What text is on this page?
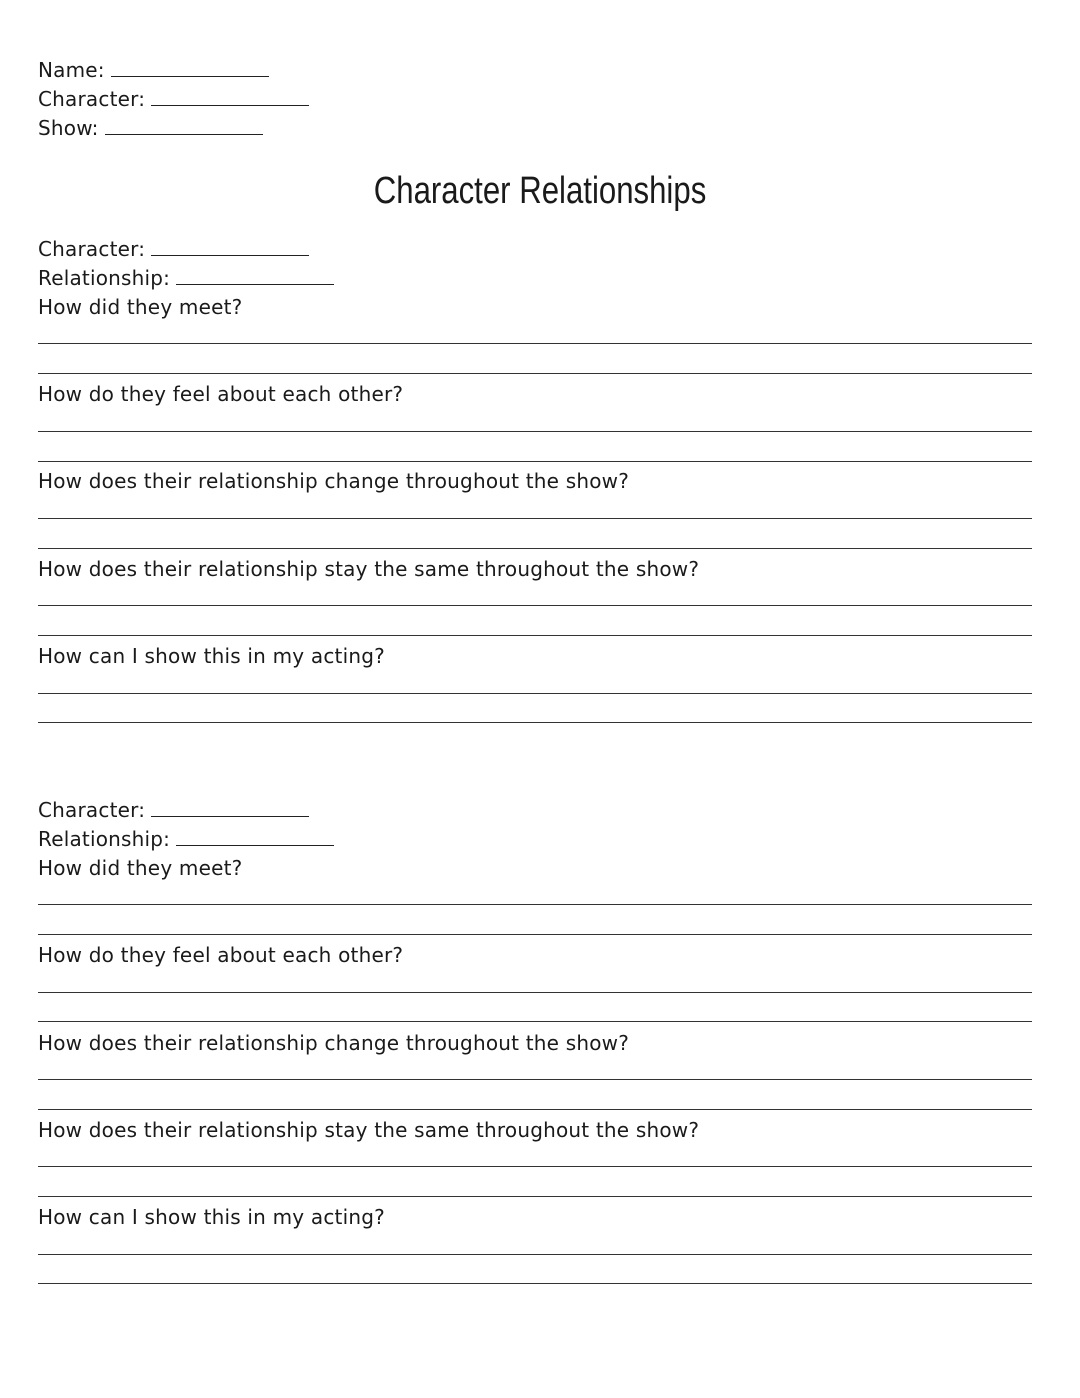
Name:
Character:
Show:
Character Relationships
Character:
Relationship:
How did they meet?
How do they feel about each other?
How does their relationship change throughout the show?
How does their relationship stay the same throughout the show?
How can I show this in my acting?
Character:
Relationship:
How did they meet?
How do they feel about each other?
How does their relationship change throughout the show?
How does their relationship stay the same throughout the show?
How can I show this in my acting?
